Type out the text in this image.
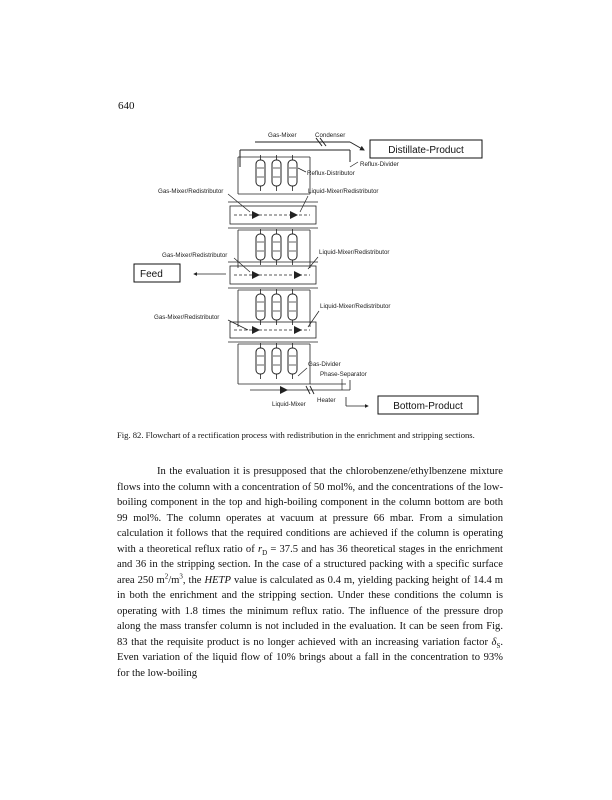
640
Distillate-Product
Gas-Mixer	Condenser
Reflux-Divider
Reflux-Distributor
Gas-Mixer/Redistributor	Liquid-Mixer/Redistributor
Gas-Mixer/Redistributor	Liquid-Mixer/Redistributor
Feed
Gas-Mixer/Redistributor
Liquid-Mixer/Redistributor
Gas-Divider
Phase-Separator
Bottom-Product
Liquid-Mixer
Heater
Fig. 82. Flowchart of a rectification process with redistribution in the enrichment and stripping sections.

In the evaluation it is presupposed that the chlorobenzene/ethylbenzene mixture flows into the column with a concentration of 50 mol%, and the concentrations of the low-boiling component in the top and high-boiling component in the column bottom are both 99 mol%. The column operates at vacuum at pressure 66 mbar. From a simulation calculation it follows that the required conditions are achieved if the column is operating with a theoretical reflux ratio of $r_D = 37.5$ and has 36 theoretical stages in the enrichment and 36 in the stripping section. In the case of a structured packing with a specific surface area 250 $m^2/m^3$, the HETP value is calculated as 0.4 m, yielding packing height of 14.4 m in both the enrichment and the stripping section. Under these conditions the column is operating with 1.8 times the minimum reflux ratio. The influence of the pressure drop along the mass transfer column is not included in the evaluation. It can be seen from Fig. 83 that the requisite product is no longer achieved with an increasing variation factor $\delta_S$. Even variation of the liquid flow of 10% brings about a fall in the concentration to 93% for the low-boiling
